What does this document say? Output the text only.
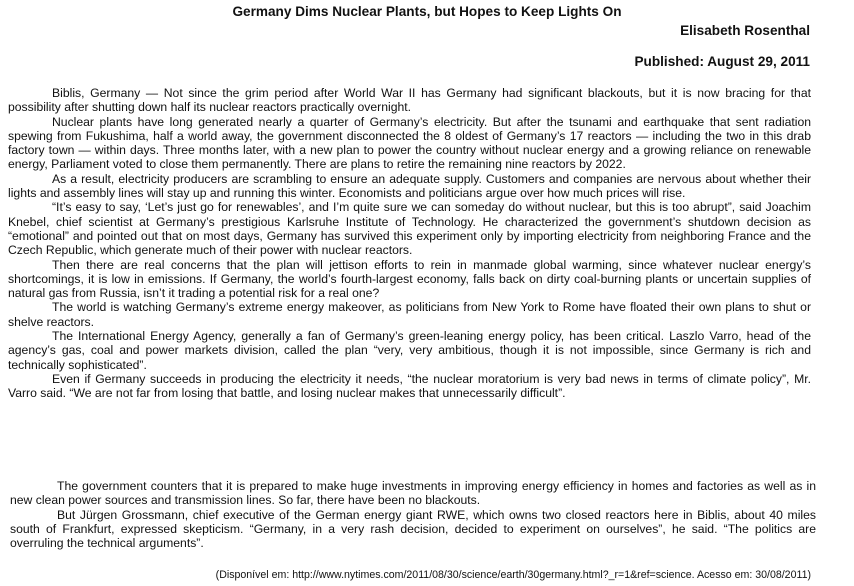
Germany Dims Nuclear Plants, but Hopes to Keep Lights On

Elisabeth Rosenthal

Published: August 29, 2011

Biblis, Germany — Not since the grim period after World War II has Germany had significant blackouts, but it is now bracing for that possibility after shutting down half its nuclear reactors practically overnight.

Nuclear plants have long generated nearly a quarter of Germany’s electricity. But after the tsunami and earthquake that sent radiation spewing from Fukushima, half a world away, the government disconnected the 8 oldest of Germany’s 17 reactors — including the two in this drab factory town — within days. Three months later, with a new plan to power the country without nuclear energy and a growing reliance on renewable energy, Parliament voted to close them permanently. There are plans to retire the remaining nine reactors by 2022.

As a result, electricity producers are scrambling to ensure an adequate supply. Customers and companies are nervous about whether their lights and assembly lines will stay up and running this winter. Economists and politicians argue over how much prices will rise.

“It’s easy to say, ‘Let’s just go for renewables’, and I’m quite sure we can someday do without nuclear, but this is too abrupt”, said Joachim Knebel, chief scientist at Germany’s prestigious Karlsruhe Institute of Technology. He characterized the government’s shutdown decision as “emotional” and pointed out that on most days, Germany has survived this experiment only by importing electricity from neighboring France and the Czech Republic, which generate much of their power with nuclear reactors.

Then there are real concerns that the plan will jettison efforts to rein in manmade global warming, since whatever nuclear energy’s shortcomings, it is low in emissions. If Germany, the world’s fourth-largest economy, falls back on dirty coal-burning plants or uncertain supplies of natural gas from Russia, isn’t it trading a potential risk for a real one?

The world is watching Germany’s extreme energy makeover, as politicians from New York to Rome have floated their own plans to shut or shelve reactors.

The International Energy Agency, generally a fan of Germany’s green-leaning energy policy, has been critical. Laszlo Varro, head of the agency’s gas, coal and power markets division, called the plan “very, very ambitious, though it is not impossible, since Germany is rich and technically sophisticated”.

Even if Germany succeeds in producing the electricity it needs, “the nuclear moratorium is very bad news in terms of climate policy”, Mr. Varro said. “We are not far from losing that battle, and losing nuclear makes that unnecessarily difficult”.

The government counters that it is prepared to make huge investments in improving energy efficiency in homes and factories as well as in new clean power sources and transmission lines. So far, there have been no blackouts.

But Jürgen Grossmann, chief executive of the German energy giant RWE, which owns two closed reactors here in Biblis, about 40 miles south of Frankfurt, expressed skepticism. “Germany, in a very rash decision, decided to experiment on ourselves”, he said. “The politics are overruling the technical arguments”.

(Disponível em: http://www.nytimes.com/2011/08/30/science/earth/30germany.html?_r=1&ref=science. Acesso em: 30/08/2011)
